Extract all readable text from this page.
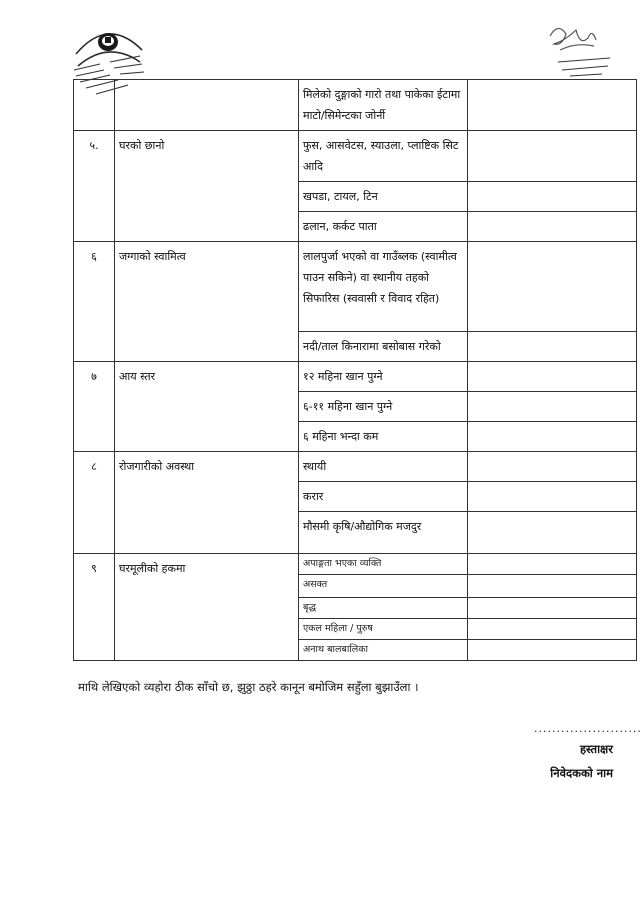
		मिलेको दुङ्गाको गारो तथा पाकेका ईटामा माटो/सिमेन्टका जोर्नी	
५.	घरको छानो	फुस, आसवेटस, स्याउला, प्लाष्टिक सिट आदि	
		खपडा, टायल, टिन	
		ढलान, कर्कट पाता	
६	जग्गाको स्वामित्व	लालपुर्जा भएको वा गाउँब्लक (स्वामीत्व पाउन सकिने) वा स्थानीय तहको सिफारिस (स्ववासी र विवाद रहित)	
		नदी/ताल किनारामा बसोबास गरेको	
७	आय स्तर	१२ महिना खान पुग्ने	
		६-११ महिना खान पुग्ने	
		६ महिना भन्दा कम	
८	रोजगारीको अवस्था	स्थायी	
		करार	
		मौसमी कृषि/औद्योगिक मजदुर	
९	घरमूलीको हकमा	अपाङ्गता भएका व्यक्ति	
		असक्त	
		बृद्ध	
		एकल महिला / पुरुष	
		अनाथ बालबालिका	
माथि लेखिएको व्यहोरा ठीक साँचो छ, झुठ्ठा ठहरे कानून बमोजिम सहुँला बुझाउँला ।
........................
हस्ताक्षर
निवेदकको नाम
